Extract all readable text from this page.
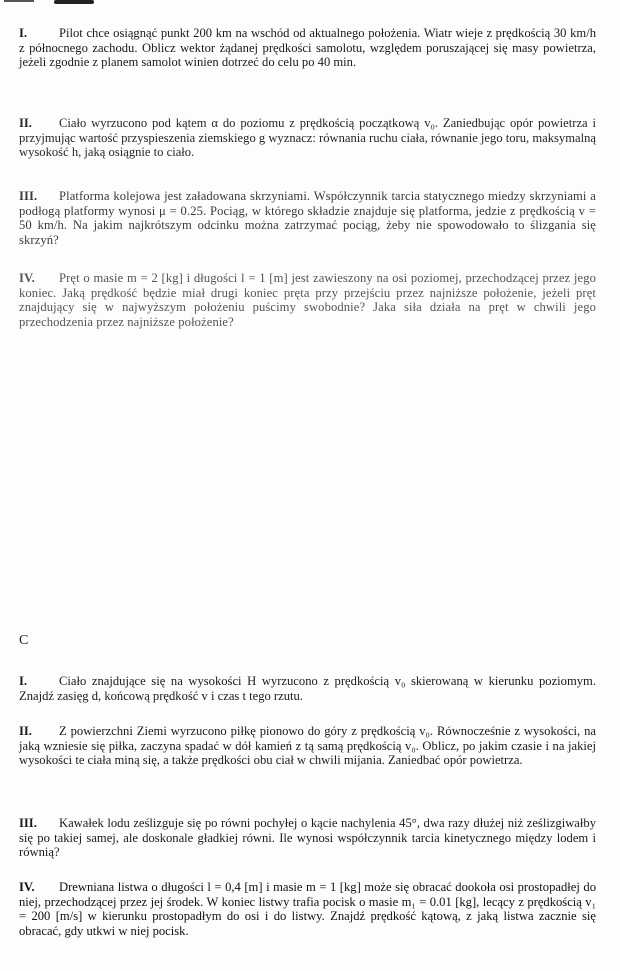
I.	Pilot chce osiągnąć punkt 200 km na wschód od aktualnego położenia. Wiatr wieje z prędkością 30 km/h z północnego zachodu. Oblicz wektor żądanej prędkości samolotu, względem poruszającej się masy powietrza, jeżeli zgodnie z planem samolot winien dotrzeć do celu po 40 min.
II. Ciało wyrzucono pod kątem α do poziomu z prędkością początkową v₀. Zaniedbując opór powietrza i przyjmując wartość przyspieszenia ziemskiego g wyznacz: równania ruchu ciała, równanie jego toru, maksymalną wysokość h, jaką osiągnie to ciało.
III. Platforma kolejowa jest załadowana skrzyniami. Współczynnik tarcia statycznego miedzy skrzyniami a podłogą platformy wynosi μ = 0.25. Pociąg, w którego składzie znajduje się platforma, jedzie z prędkością v = 50 km/h. Na jakim najkrótszym odcinku można zatrzymać pociąg, żeby nie spowodowało to ślizgania się skrzyń?
IV. Pręt o masie m = 2 [kg] i długości l = 1 [m] jest zawieszony na osi poziomej, przechodzącej przez jego koniec. Jaką prędkość będzie miał drugi koniec pręta przy przejściu przez najniższe położenie, jeżeli pręt znajdujący się w najwyższym położeniu puścimy swobodnie? Jaka siła działa na pręt w chwili jego przechodzenia przez najniższe położenie?
C
I.	Ciało znajdujące się na wysokości H wyrzucono z prędkością v₀ skierowaną w kierunku poziomym. Znajdź zasięg d, końcową prędkość v i czas t tego rzutu.
II. Z powierzchni Ziemi wyrzucono piłkę pionowo do góry z prędkością v₀. Równocześnie z wysokości, na jaką wzniesie się piłka, zaczyna spadać w dół kamień z tą samą prędkością v₀. Oblicz, po jakim czasie i na jakiej wysokości te ciała miną się, a także prędkości obu ciał w chwili mijania. Zaniedbać opór powietrza.
III. Kawałek lodu ześlizguje się po równi pochyłej o kącie nachylenia 45°, dwa razy dłużej niż ześlizgiwałby się po takiej samej, ale doskonale gładkiej równi. Ile wynosi współczynnik tarcia kinetycznego między lodem i równią?
IV. Drewniana listwa o długości l = 0,4 [m] i masie m = 1 [kg] może się obracać dookoła osi prostopadłej do niej, przechodzącej przez jej środek. W koniec listwy trafia pocisk o masie m₁ = 0.01 [kg], lecący z prędkością v₁ = 200 [m/s] w kierunku prostopadłym do osi i do listwy. Znajdź prędkość kątową, z jaką listwa zacznie się obracać, gdy utkwi w niej pocisk.
